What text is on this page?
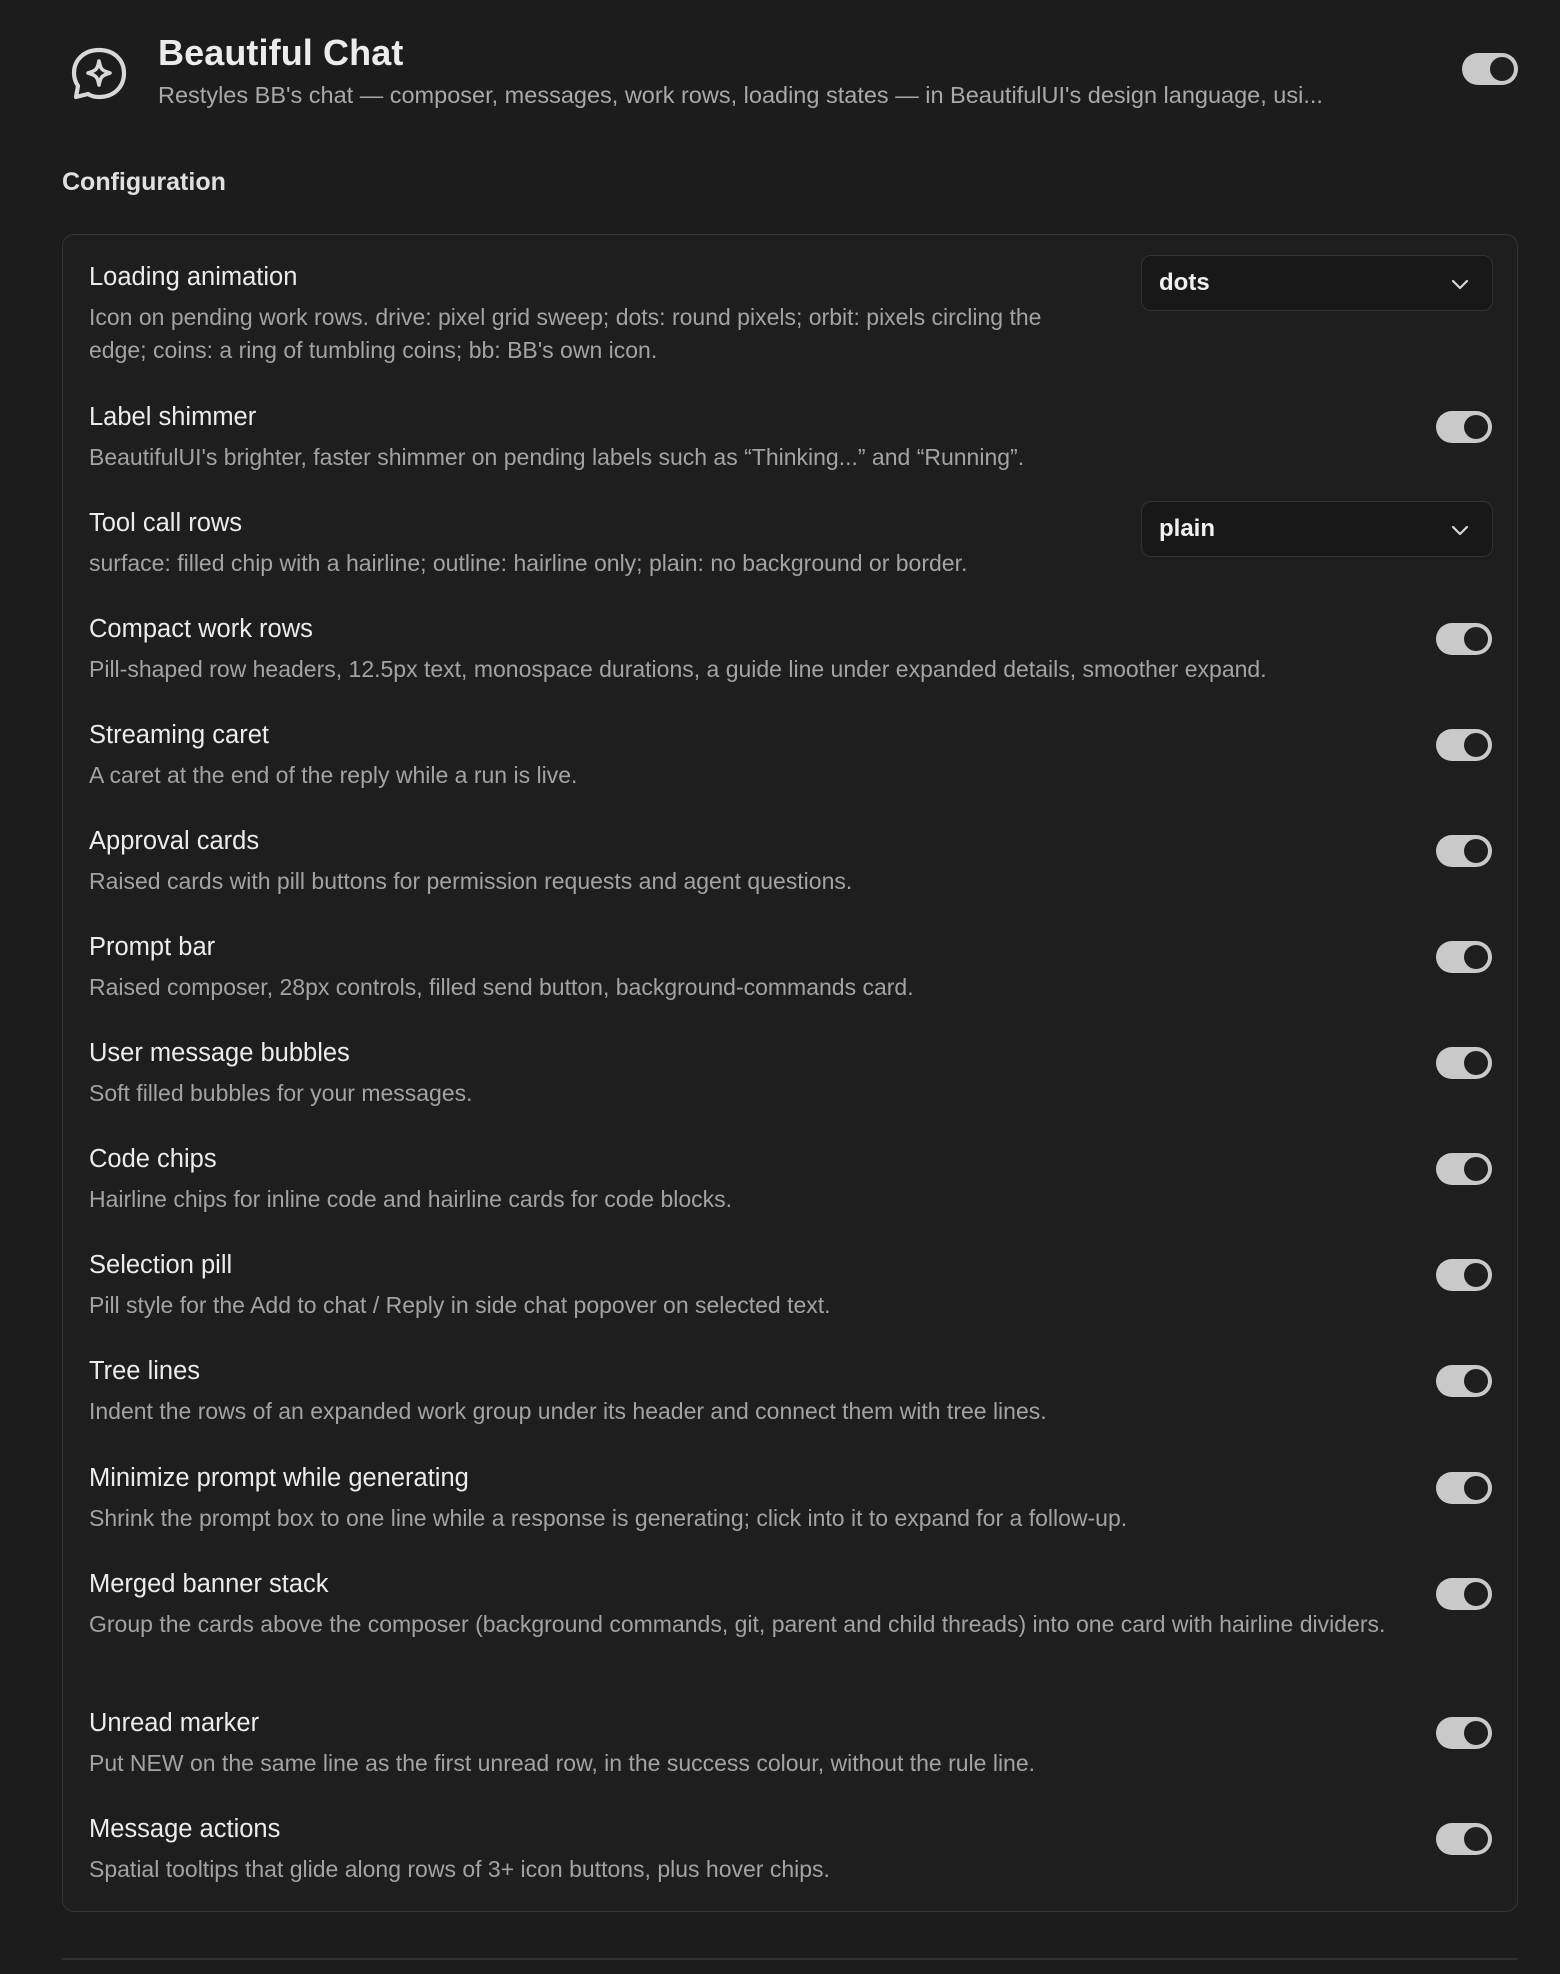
Beautiful Chat
Restyles BB's chat — composer, messages, work rows, loading states — in BeautifulUI's design language, usi...
Configuration
Loading animation
Icon on pending work rows. drive: pixel grid sweep; dots: round pixels; orbit: pixels circling the edge; coins: a ring of tumbling coins; bb: BB's own icon.
dots
Label shimmer
BeautifulUI's brighter, faster shimmer on pending labels such as “Thinking...” and “Running”.
Tool call rows
surface: filled chip with a hairline; outline: hairline only; plain: no background or border.
plain
Compact work rows
Pill-shaped row headers, 12.5px text, monospace durations, a guide line under expanded details, smoother expand.
Streaming caret
A caret at the end of the reply while a run is live.
Approval cards
Raised cards with pill buttons for permission requests and agent questions.
Prompt bar
Raised composer, 28px controls, filled send button, background-commands card.
User message bubbles
Soft filled bubbles for your messages.
Code chips
Hairline chips for inline code and hairline cards for code blocks.
Selection pill
Pill style for the Add to chat / Reply in side chat popover on selected text.
Tree lines
Indent the rows of an expanded work group under its header and connect them with tree lines.
Minimize prompt while generating
Shrink the prompt box to one line while a response is generating; click into it to expand for a follow-up.
Merged banner stack
Group the cards above the composer (background commands, git, parent and child threads) into one card with hairline dividers.
Unread marker
Put NEW on the same line as the first unread row, in the success colour, without the rule line.
Message actions
Spatial tooltips that glide along rows of 3+ icon buttons, plus hover chips.
